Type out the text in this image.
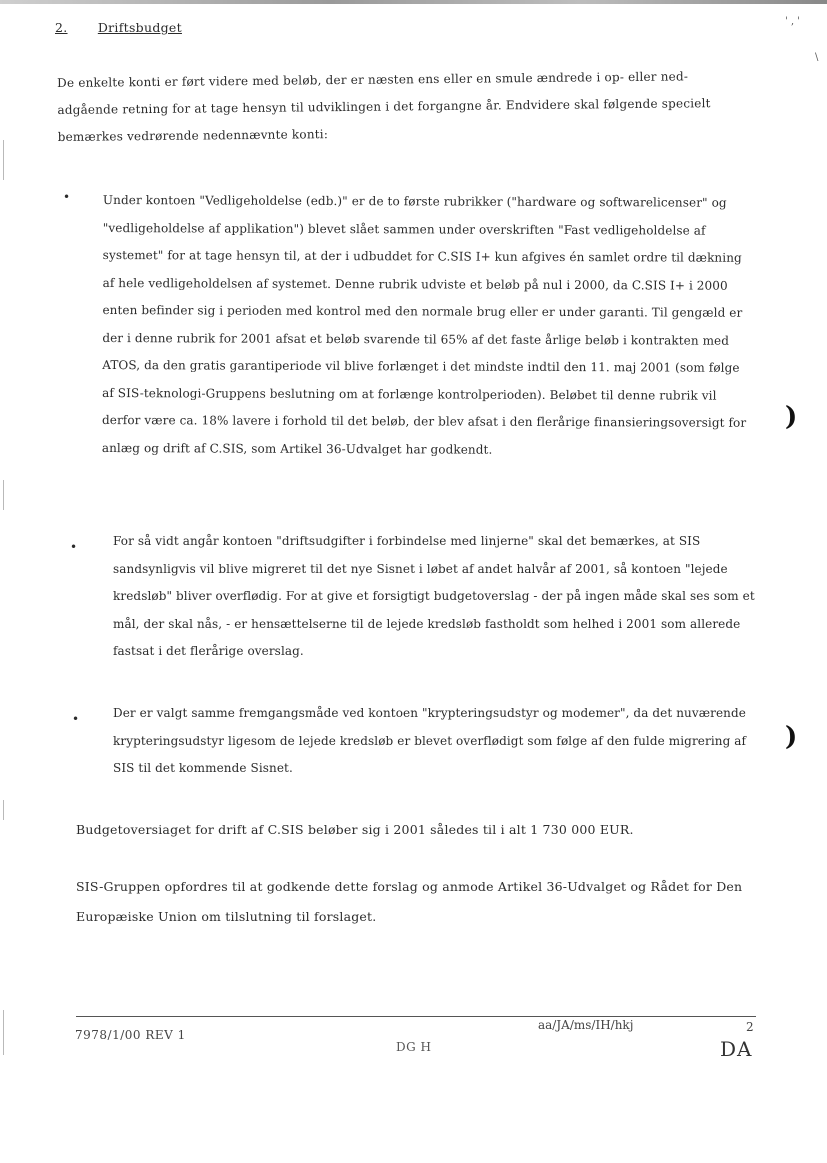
' ‚ '
\
2. Driftsbudget
De enkelte konti er ført videre med beløb, der er næsten ens eller en smule ændrede i op- eller ned-adgående retning for at tage hensyn til udviklingen i det forgangne år. Endvidere skal følgende specielt bemærkes vedrørende nedennævnte konti:
•	Under kontoen "Vedligeholdelse (edb.)" er de to første rubrikker ("hardware og softwarelicenser" og "vedligeholdelse af applikation") blevet slået sammen under overskriften "Fast vedligeholdelse af systemet" for at tage hensyn til, at der i udbuddet for C.SIS I+ kun afgives én samlet ordre til dækning af hele vedligeholdelsen af systemet. Denne rubrik udviste et beløb på nul i 2000, da C.SIS I+ i 2000 enten befinder sig i perioden med kontrol med den normale brug eller er under garanti. Til gengæld er der i denne rubrik for 2001 afsat et beløb svarende til 65% af det faste årlige beløb i kontrakten med ATOS, da den gratis garantiperiode vil blive forlænget i det mindste indtil den 11. maj 2001 (som følge af SIS-teknologi-Gruppens beslutning om at forlænge kontrolperioden). Beløbet til denne rubrik vil derfor være ca. 18% lavere i forhold til det beløb, der blev afsat i den flerårige finansieringsoversigt for anlæg og drift af C.SIS, som Artikel 36-Udvalget har godkendt.
•	For så vidt angår kontoen "driftsudgifter i forbindelse med linjerne" skal det bemærkes, at SIS sandsynligvis vil blive migreret til det nye Sisnet i løbet af andet halvår af 2001, så kontoen "lejede kredsløb" bliver overflødig. For at give et forsigtigt budgetoverslag - der på ingen måde skal ses som et mål, der skal nås, - er hensættelserne til de lejede kredsløb fastholdt som helhed i 2001 som allerede fastsat i det flerårige overslag.
•	Der er valgt samme fremgangsmåde ved kontoen "krypteringsudstyr og modemer", da det nuværende krypteringsudstyr ligesom de lejede kredsløb er blevet overflødigt som følge af den fulde migrering af SIS til det kommende Sisnet.
)
)
Budgetoversiaget for drift af C.SIS beløber sig i 2001 således til i alt 1 730 000 EUR.
SIS-Gruppen opfordres til at godkende dette forslag og anmode Artikel 36-Udvalget og Rådet for Den Europæiske Union om tilslutning til forslaget.
7978/1/00 REV 1
aa/JA/ms/IH/hkj	2
DG H	DA
